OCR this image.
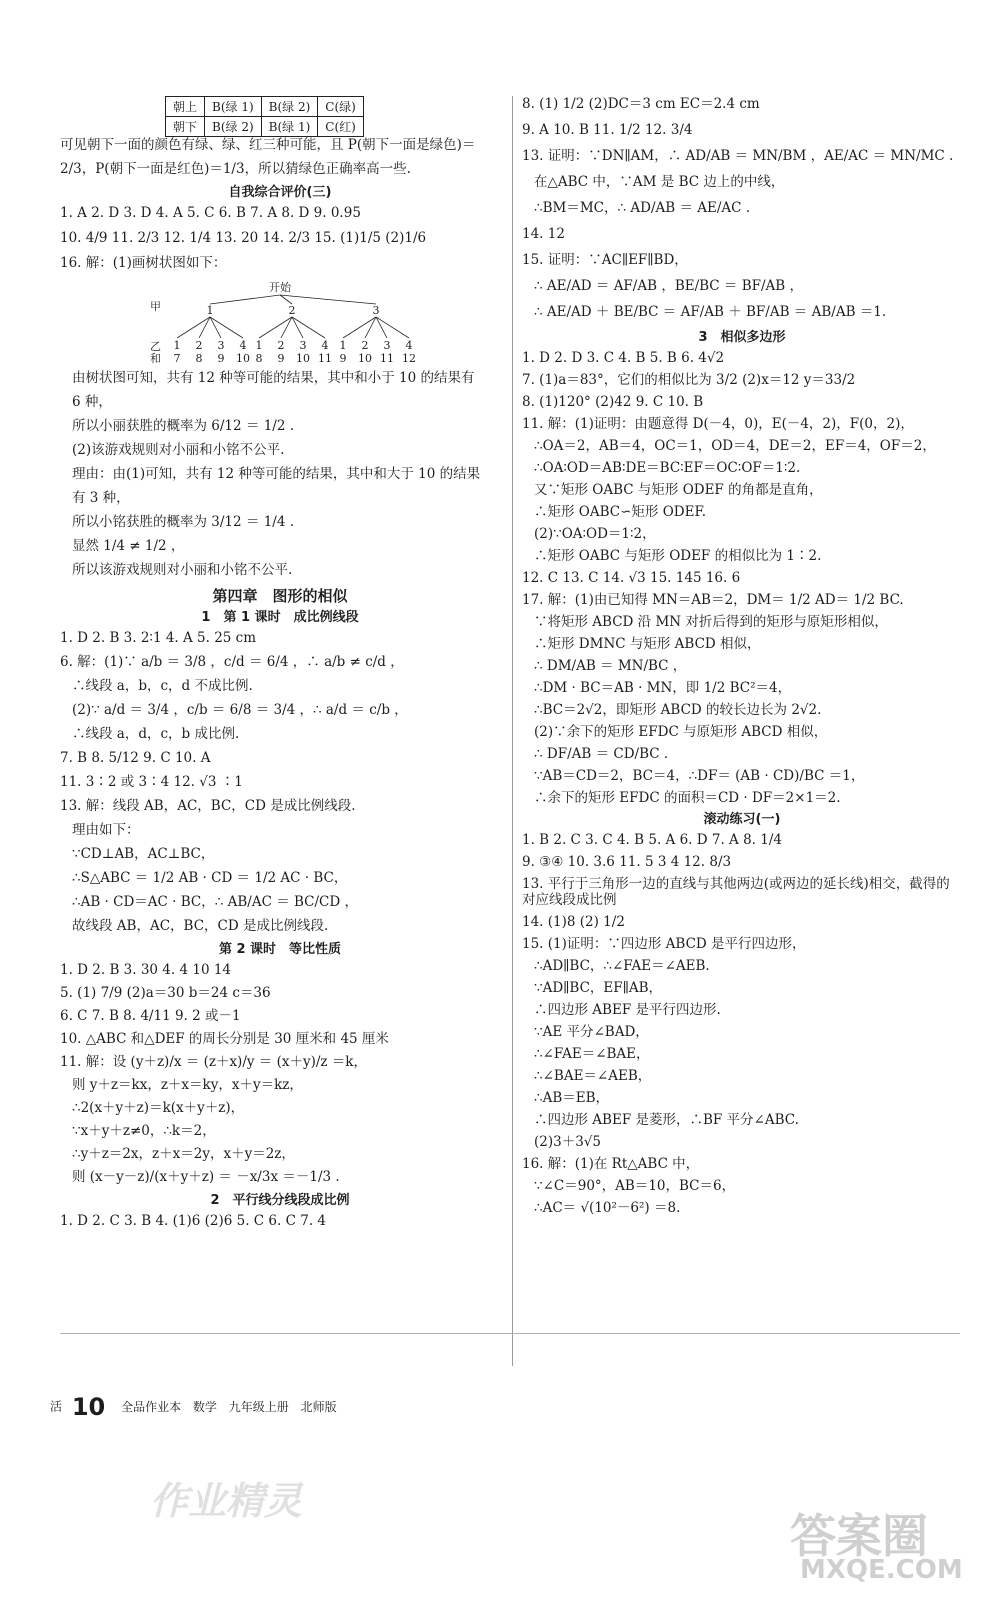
朝上	B(绿 1)	B(绿 2)	C(绿)
朝下	B(绿 2)	B(绿 1)	C(红)

可见朝下一面的颜色有绿、绿、红三种可能，且 P(朝下一面是绿色)＝

2/3，P(朝下一面是红色)＝1/3，所以猜绿色正确率高一些.

自我综合评价(三)

1. A 2. D 3. D 4. A 5. C 6. B 7. A 8. D 9. 0.95

10. 4/9 11. 2/3 12. 1/4 13. 20 14. 2/3 15. (1)1/5 (2)1/6

16. 解：(1)画树状图如下：

开始
甲
乙
和
1
1
7
2
8
3
9
4
10
2
1
8
2
9
3
10
4
11
3
1
9
2
10
3
11
4
12

由树状图可知，共有 12 种等可能的结果，其中和小于 10 的结果有

6 种，

所以小丽获胜的概率为 6/12 ＝ 1/2 .

(2)该游戏规则对小丽和小铭不公平.

理由：由(1)可知，共有 12 种等可能的结果，其中和大于 10 的结果

有 3 种，

所以小铭获胜的概率为 3/12 ＝ 1/4 .

显然 1/4 ≠ 1/2 ，

所以该游戏规则对小丽和小铭不公平.

第四章　图形的相似

1　第 1 课时　成比例线段

1. D 2. B 3. 2∶1 4. A 5. 25 cm

6. 解：(1)∵ a/b ＝ 3/8 ，c/d ＝ 6/4 ，∴ a/b ≠ c/d ，

∴线段 a，b，c，d 不成比例.

(2)∵ a/d ＝ 3/4 ，c/b ＝ 6/8 ＝ 3/4 ，∴ a/d ＝ c/b ，

∴线段 a，d，c，b 成比例.

7. B 8. 5/12 9. C 10. A

11. 3∶2 或 3∶4 12. √3 ∶1

13. 解：线段 AB，AC，BC，CD 是成比例线段.

理由如下：

∵CD⊥AB，AC⊥BC，

∴S△ABC ＝ 1/2 AB · CD ＝ 1/2 AC · BC，

∴AB · CD＝AC · BC，∴ AB/AC ＝ BC/CD ，

故线段 AB，AC，BC，CD 是成比例线段.

第 2 课时　等比性质

1. D 2. B 3. 30 4. 4 10 14

5. (1) 7/9 (2)a＝30 b＝24 c＝36

6. C 7. B 8. 4/11 9. 2 或－1

10. △ABC 和△DEF 的周长分别是 30 厘米和 45 厘米

11. 解：设 (y＋z)/x ＝ (z＋x)/y ＝ (x＋y)/z ＝k，

则 y＋z＝kx，z＋x＝ky，x＋y＝kz，

∴2(x＋y＋z)＝k(x＋y＋z)，

∵x＋y＋z≠0，∴k＝2，

∴y＋z＝2x，z＋x＝2y，x＋y＝2z，

则 (x－y－z)/(x＋y＋z) ＝ －x/3x ＝－1/3 .

2　平行线分线段成比例

1. D 2. C 3. B 4. (1)6 (2)6 5. C 6. C 7. 4

8. (1) 1/2 (2)DC＝3 cm EC＝2.4 cm

9. A 10. B 11. 1/2 12. 3/4

13. 证明：∵DN∥AM，∴ AD/AB ＝ MN/BM ，AE/AC ＝ MN/MC .

在△ABC 中，∵AM 是 BC 边上的中线，

∴BM＝MC，∴ AD/AB ＝ AE/AC .

14. 12

15. 证明：∵AC∥EF∥BD，

∴ AE/AD ＝ AF/AB ，BE/BC ＝ BF/AB ，

∴ AE/AD ＋ BE/BC ＝ AF/AB ＋ BF/AB ＝ AB/AB ＝1.

3　相似多边形

1. D 2. D 3. C 4. B 5. B 6. 4√2

7. (1)a＝83°，它们的相似比为 3/2 (2)x＝12 y＝33/2

8. (1)120° (2)42 9. C 10. B

11. 解：(1)证明：由题意得 D(－4，0)，E(－4，2)，F(0，2)，

∴OA＝2，AB＝4，OC＝1，OD＝4，DE＝2，EF＝4，OF＝2，

∴OA∶OD＝AB∶DE＝BC∶EF＝OC∶OF＝1∶2.

又∵矩形 OABC 与矩形 ODEF 的角都是直角，

∴矩形 OABC∽矩形 ODEF.

(2)∵OA∶OD＝1∶2，

∴矩形 OABC 与矩形 ODEF 的相似比为 1∶2.

12. C 13. C 14. √3 15. 145 16. 6

17. 解：(1)由已知得 MN＝AB＝2，DM＝ 1/2 AD＝ 1/2 BC.

∵将矩形 ABCD 沿 MN 对折后得到的矩形与原矩形相似，

∴矩形 DMNC 与矩形 ABCD 相似，

∴ DM/AB ＝ MN/BC ，

∴DM · BC＝AB · MN，即 1/2 BC²＝4，

∴BC＝2√2，即矩形 ABCD 的较长边长为 2√2.

(2)∵余下的矩形 EFDC 与原矩形 ABCD 相似，

∴ DF/AB ＝ CD/BC .

∵AB＝CD＝2，BC＝4，∴DF＝ (AB · CD)/BC ＝1，

∴余下的矩形 EFDC 的面积＝CD · DF＝2×1＝2.

滚动练习(一)

1. B 2. C 3. C 4. B 5. A 6. D 7. A 8. 1/4

9. ③④ 10. 3.6 11. 5 3 4 12. 8/3

13. 平行于三角形一边的直线与其他两边(或两边的延长线)相交，截得的对应线段成比例

14. (1)8 (2) 1/2

15. (1)证明：∵四边形 ABCD 是平行四边形，

∴AD∥BC，∴∠FAE＝∠AEB.

∵AD∥BC，EF∥AB，

∴四边形 ABEF 是平行四边形.

∵AE 平分∠BAD，

∴∠FAE＝∠BAE，

∴∠BAE＝∠AEB，

∴AB＝EB，

∴四边形 ABEF 是菱形，∴BF 平分∠ABC.

(2)3＋3√5

16. 解：(1)在 Rt△ABC 中，

∵∠C＝90°，AB＝10，BC＝6，

∴AC＝ √(10²－6²) ＝8.

活 10 全品作业本 数学 九年级上册 北师版
作业精灵
答案圈
MXQE.COM
